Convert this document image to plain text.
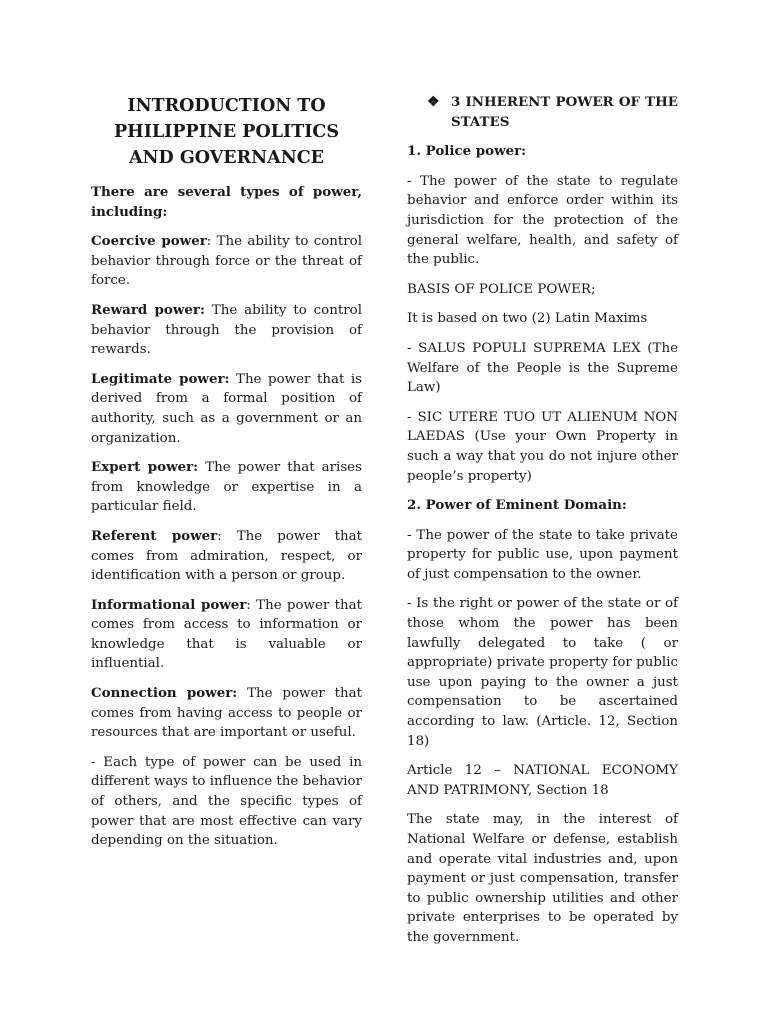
INTRODUCTION TO PHILIPPINE POLITICS AND GOVERNANCE

There are several types of power, including:

Coercive power: The ability to control behavior through force or the threat of force.

Reward power: The ability to control behavior through the provision of rewards.

Legitimate power: The power that is derived from a formal position of authority, such as a government or an organization.

Expert power: The power that arises from knowledge or expertise in a particular field.

Referent power: The power that comes from admiration, respect, or identification with a person or group.

Informational power: The power that comes from access to information or knowledge that is valuable or influential.

Connection power: The power that comes from having access to people or resources that are important or useful.

- Each type of power can be used in different ways to influence the behavior of others, and the specific types of power that are most effective can vary depending on the situation.

❖ 3 INHERENT POWER OF THE STATES

1. Police power:

- The power of the state to regulate behavior and enforce order within its jurisdiction for the protection of the general welfare, health, and safety of the public.

BASIS OF POLICE POWER;

It is based on two (2) Latin Maxims

- SALUS POPULI SUPREMA LEX (The Welfare of the People is the Supreme Law)

- SIC UTERE TUO UT ALIENUM NON LAEDAS (Use your Own Property in such a way that you do not injure other people’s property)

2. Power of Eminent Domain:

- The power of the state to take private property for public use, upon payment of just compensation to the owner.

- Is the right or power of the state or of those whom the power has been lawfully delegated to take ( or appropriate) private property for public use upon paying to the owner a just compensation to be ascertained according to law. (Article. 12, Section 18)

Article 12 – NATIONAL ECONOMY AND PATRIMONY, Section 18

The state may, in the interest of National Welfare or defense, establish and operate vital industries and, upon payment or just compensation, transfer to public ownership utilities and other private enterprises to be operated by the government.
